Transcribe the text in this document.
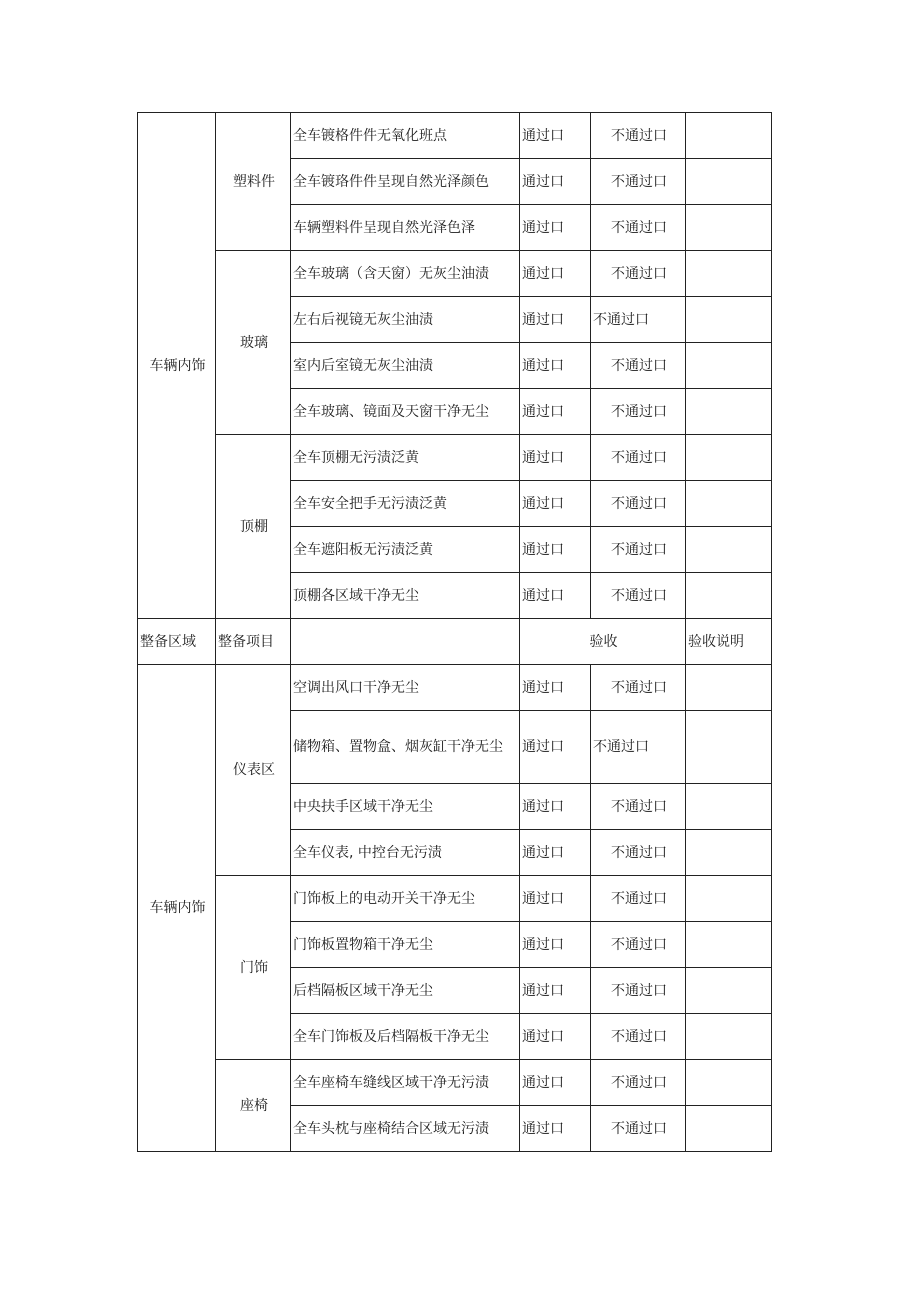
车辆内饰	塑料件	全车镀格件件无氧化班点	通过口	不通过口	
		全车镀珞件件呈现自然光泽颜色	通过口	不通过口	
		车辆塑料件呈现自然光泽色泽	通过口	不通过口	
	玻璃	全车玻璃（含天窗）无灰尘油渍	通过口	不通过口	
		左右后视镜无灰尘油渍	通过口	不通过口	
		室内后室镜无灰尘油渍	通过口	不通过口	
		全车玻璃、镜面及天窗干净无尘	通过口	不通过口	
	顶棚	全车顶棚无污渍泛黄	通过口	不通过口	
		全车安全把手无污渍泛黄	通过口	不通过口	
		全车遮阳板无污渍泛黄	通过口	不通过口	
		顶棚各区域干净无尘	通过口	不通过口	
整备区域	整备项目		验收		验收说明
车辆内饰	仪表区	空调出风口干净无尘	通过口	不通过口	
		储物箱、置物盒、烟灰缸干净无尘	通过口	不通过口	
		中央扶手区域干净无尘	通过口	不通过口	
		全车仪表, 中控台无污渍	通过口	不通过口	
	门饰	门饰板上的电动开关干净无尘	通过口	不通过口	
		门饰板置物箱干净无尘	通过口	不通过口	
		后档隔板区域干净无尘	通过口	不通过口	
		全车门饰板及后档隔板干净无尘	通过口	不通过口	
	座椅	全车座椅车缝线区域干净无污渍	通过口	不通过口	
		全车头枕与座椅结合区域无污渍	通过口	不通过口	
